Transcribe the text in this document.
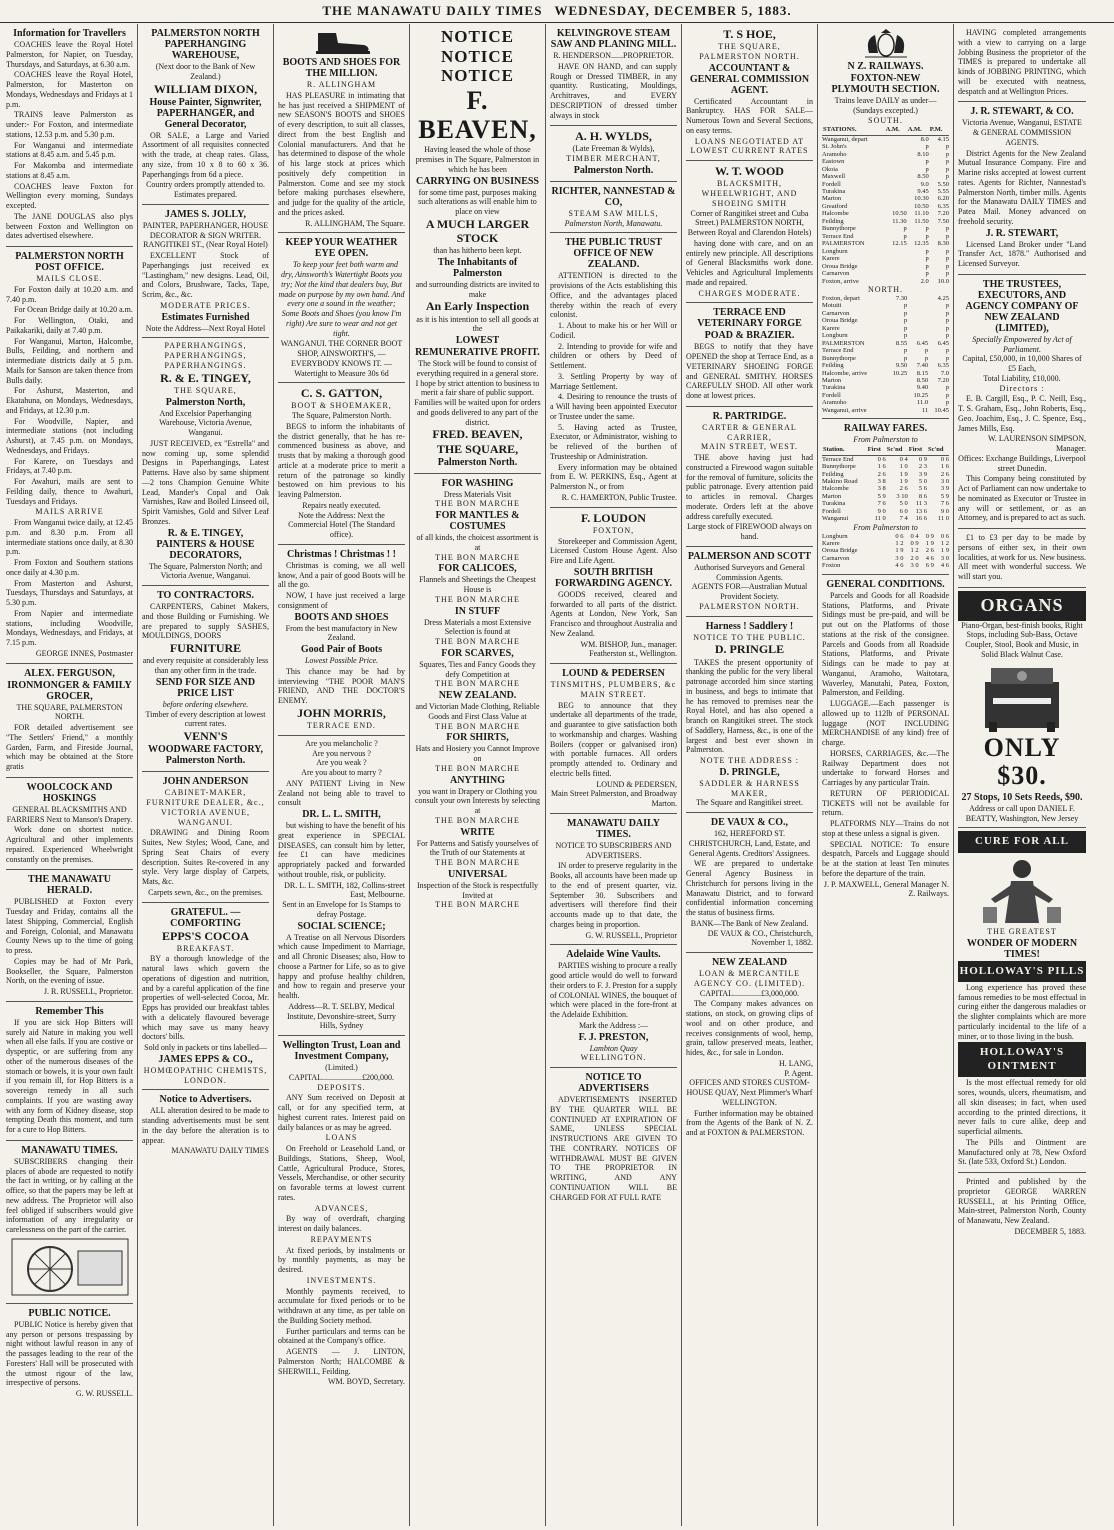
THE MANAWATU DAILY TIMES WEDNESDAY, DECEMBER 5, 1883.
Information for Travellers
COACHES leave the Royal Hotel Palmerston, for Napier, on Tuesday, Thursdays, and Saturdays, at 6.30 a.m.
COACHES leave the Royal Hotel, Palmerston, for Masterton on Mondays, Wednesdays and Fridays at 1 p.m.
TRAINS leave Palmerston as under:- For Foxton, and intermediate stations, 12.53 p.m. and 5.30 p.m.
For Wanganui and intermediate stations at 8.45 a.m. and 5.45 p.m.
For Makomba and intermediate stations at 8.45 a.m.
COACHES leave Foxton for Wellington every morning, Sundays excepted.
The JANE DOUGLAS also plys between Foxton and Wellington on dates advertised elsewhere.
PALMERSTON NORTH POST OFFICE.
MAILS CLOSE.
For Foxton daily at 10.20 a.m. and 7.40 p.m.
For Ocean Bridge daily at 10.20 a.m.
For Wellington, Otaki, and Paikakariki, daily at 7.40 p.m.
For Wanganui, Marton, Halcombe, Bulls, Feilding, and northern and intermediate districts daily at 5 p.m. Mails for Sanson are taken thence from Bulls daily.
For Ashurst, Masterton, and Ekatahuna, on Mondays, Wednesdays, and Fridays, at 12.30 p.m.
For Woodville, Napier, and intermediate stations (not including Ashurst), at 7.45 p.m. on Mondays, Wednesdays, and Fridays.
For Karere, on Tuesdays and Fridays, at 7.40 p.m.
For Awahuri, mails are sent to Feilding daily, thence to Awahuri, Tuesdays and Fridays.
MAILS ARRIVE
From Wanganui twice daily, at 12.45 p.m. and 8.30 p.m. From all intermediate stations once daily, at 8.30 p.m.
From Foxton and Southern stations once daily at 4.30 p.m.
From Masterton and Ashurst, Tuesdays, Thursdays and Saturdays, at 5.30 p.m.
From Napier and intermediate stations, including Woodville, Mondays, Wednesdays, and Fridays, at 7.15 p.m.
GEORGE INNES, Postmaster
ALEX. FERGUSON,
IRONMONGER & FAMILY GROCER,
THE SQUARE, PALMERSTON NORTH.
FOR detailed advertisement see "The Settlers' Friend," a monthly Garden, Farm, and Fireside Journal, which may be obtained at the Store gratis
WOOLCOCK AND HOSKINGS
GENERAL BLACKSMITHS AND FARRIERS Next to Manson's Drapery.
Work done on shortest notice. Agricultural and other implements repaired. Experienced Wheelwright constantly on the premises.
THE MANAWATU HERALD.
PUBLISHED at Foxton every Tuesday and Friday, contains all the latest Shipping, Commercial, English and Foreign, Colonial, and Manawatu County News up to the time of going to press.
Copies may be had of Mr Park, Bookseller, the Square, Palmerston North, on the evening of issue.
J. R. RUSSELL, Proprietor.
Remember This
If you are sick Hop Bitters will surely aid Nature in making you well when all else fails. If you are costive or dyspeptic, or are suffering from any other of the numerous diseases of the stomach or bowels, it is your own fault if you remain ill, for Hop Bitters is a sovereign remedy in all such complaints. If you are wasting away with any form of Kidney disease, stop tempting Death this moment, and turn for a cure to Hop Bitters.
MANAWATU TIMES.
SUBSCRIBERS changing their places of abode are requested to notify the fact in writing, or by calling at the office, so that the papers may be left at new address. The Proprietor will also feel obliged if subscribers would give information of any irregularity or carelessness on the part of the carrier.
PUBLIC NOTICE.
PUBLIC Notice is hereby given that any person or persons trespassing by night without lawful reason in any of the passages leading to the rear of the Foresters' Hall will be prosecuted with the utmost rigour of the law, irrespective of persons.
G. W. RUSSELL.
PALMERSTON NORTH PAPERHANGING WAREHOUSE,
(Next door to the Bank of New Zealand.)
WILLIAM DIXON,
House Painter, Signwriter, PAPERHANGER, and General Decorator,
OR SALE, a Large and Varied Assortment of all requisites connected with the trade, at cheap rates. Glass, any size, from 10 x 8 to 60 x 36. Paperhangings from 6d a piece.
Country orders promptly attended to.
Estimates prepared.
JAMES S. JOLLY,
PAINTER, PAPERHANGER, HOUSE DECORATOR & SIGN WRITER.
RANGITIKEI ST., (Near Royal Hotel)
EXCELLENT Stock of Paperhangings just received ex "Lastingham," new designs. Lead, Oil, and Colors, Brushware, Tacks, Tape, Scrim, &c., &c.
MODERATE PRICES.
Estimates Furnished
Note the Address—Next Royal Hotel
PAPERHANGINGS,
PAPERHANGINGS,
PAPERHANGINGS.
R. & E. TINGEY,
THE SQUARE,
Palmerston North,
And Excelsior Paperhanging Warehouse, Victoria Avenue, Wanganui.
JUST RECEIVED, ex "Estrella" and now coming up, some splendid Designs in Paperhangings, Latest Patterns. Have also by same shipment—2 tons Champion Genuine White Lead, Mander's Copal and Oak Varnishes, Raw and Boiled Linseed oil, Spirit Varnishes, Gold and Silver Leaf Bronzes.
R. & E. TINGEY, PAINTERS & HOUSE DECORATORS,
The Square, Palmerston North; and Victoria Avenue, Wanganui.
TO CONTRACTORS.
CARPENTERS, Cabinet Makers, and those Building or Furnishing. We are prepared to supply SASHES, MOULDINGS, DOORS
FURNITURE
and every requisite at considerably less than any other firm in the trade.
SEND FOR SIZE AND PRICE LIST
before ordering elsewhere.
Timber of every description at lowest current rates.
VENN'S
WOODWARE FACTORY, Palmerston North.
JOHN ANDERSON
CABINET-MAKER, FURNITURE DEALER, &c.,
VICTORIA AVENUE, WANGANUI.
DRAWING and Dining Room Suites, New Styles; Wood, Cane, and Spring Seat Chairs of every description. Suites Re-covered in any style. Very large display of Carpets, Mats, &c.
Carpets sewn, &c., on the premises.
GRATEFUL. — COMFORTING
EPPS'S COCOA
BREAKFAST.
BY a thorough knowledge of the natural laws which govern the operations of digestion and nutrition, and by a careful application of the fine properties of well-selected Cocoa, Mr. Epps has provided our breakfast tables with a delicately flavoured beverage which may save us many heavy doctors' bills.
Sold only in packets or tins labelled—
JAMES EPPS & CO.,
HOMŒOPATHIC CHEMISTS, LONDON.
Notice to Advertisers.
ALL alteration desired to be made to standing advertisements must be sent in the day before the alteration is to appear.
MANAWATU DAILY TIMES
BOOTS AND SHOES FOR THE MILLION.
R. ALLINGHAM
HAS PLEASURE in intimating that he has just received a SHIPMENT of new SEASON'S BOOTS and SHOES of every description, to suit all classes, direct from the best English and Colonial manufacturers. And that he has determined to dispose of the whole of his large stock at prices which positively defy competition in Palmerston. Come and see my stock before making purchases elsewhere, and judge for the quality of the article, and the prices asked.
R. ALLINGHAM, The Square.
KEEP YOUR WEATHER EYE OPEN.
To keep your feet both warm and dry, Ainsworth's Watertight Boots you try; Not the kind that dealers buy, But made on purpose by my own hand. And every one a sound in the weather; Some Boots and Shoes (you know I'm right) Are sure to wear and not get tight.
WANGANUI. THE CORNER BOOT SHOP, AINSWORTH'S, — EVERYBODY KNOWS IT. — Watertight to Measure 30s 6d
C. S. GATTON,
BOOT & SHOEMAKER,
The Square, Palmerston North.
BEGS to inform the inhabitants of the district generally, that he has re-commenced business as above, and trusts that by making a thorough good article at a moderate price to merit a return of the patronage so kindly bestowed on him previous to his leaving Palmerston.
Repairs neatly executed.
Note the Address: Next the Commercial Hotel (The Standard office).
Christmas ! Christmas ! !
Christmas is coming, we all well know, And a pair of good Boots will be all the go.
NOW, I have just received a large consignment of
BOOTS AND SHOES
From the best manufactory in New Zealand.
Good Pair of Boots
Lowest Possible Price.
This chance may be had by interviewing "THE POOR MAN'S FRIEND, AND THE DOCTOR'S ENEMY.
JOHN MORRIS,
TERRACE END.
Are you melancholic ?
Are you nervous ?
Are you weak ?
Are you about to marry ?
ANY PATIENT Living in New Zealand not being able to travel to consult
DR. L. L. SMITH,
but wishing to have the benefit of his great experience in SPECIAL DISEASES, can consult him by letter, fee £1 can have medicines appropriately packed and forwarded without trouble, risk, or publicity.
DR. L. L. SMITH, 182, Collins-street East, Melbourne.
Sent in an Envelope for 1s Stamps to defray Postage.
SOCIAL SCIENCE;
A Treatise on all Nervous Disorders which cause Impediment to Marriage, and all Chronic Diseases; also, How to choose a Partner for Life, so as to give happy and profuse healthy children, and how to regain and preserve your health.
Address—R. T. SELBY, Medical Institute, Devonshire-street, Surry Hills, Sydney
Wellington Trust, Loan and Investment Company,
(Limited.)
CAPITAL....................£200,000.
DEPOSITS.
ANY Sum received on Deposit at call, or for any specified term, at highest current rates. Interest paid on daily balances or as may be agreed.
LOANS
On Freehold or Leasehold Land, or Buildings, Stations, Sheep, Wool, Cattle, Agricultural Produce, Stores, Vessels, Merchandise, or other security on favorable terms at lowest current rates.
ADVANCES,
By way of overdraft, charging interest on daily balances.
REPAYMENTS
At fixed periods, by instalments or by monthly payments, as may be desired.
INVESTMENTS.
Monthly payments received, to accumulate for fixed periods or to be withdrawn at any time, as per table on the Building Society method.
Further particulars and terms can be obtained at the Company's office.
AGENTS — J. LINTON, Palmerston North; HALCOMBE & SHERWILL, Feilding.
WM. BOYD, Secretary.
NOTICE
NOTICE
NOTICE
F. BEAVEN,
Having leased the whole of those premises in The Square, Palmerston in which he has been
CARRYING ON BUSINESS
for some time past, purposes making such alterations as will enable him to place on view
A MUCH LARGER
STOCK
than has hitherto been kept.
The Inhabitants of Palmerston
and surrounding districts are invited to make
An Early Inspection
as it is his intention to sell all goods at the
LOWEST
REMUNERATIVE PROFIT.
The Stock will be found to consist of everything required in a general store.
I hope by strict attention to business to merit a fair share of public support.
Families will be waited upon for orders and goods delivered to any part of the district.
FRED. BEAVEN,
THE SQUARE,
Palmerston North.
FOR WASHING
Dress Materials Visit
THE BON MARCHE
FOR MANTLES & COSTUMES
of all kinds, the choicest assortment is at
THE BON MARCHE
FOR CALICOES,
Flannels and Sheetings the Cheapest House is
THE BON MARCHE
IN STUFF
Dress Materials a most Extensive Selection is found at
THE BON MARCHE
FOR SCARVES,
Squares, Ties and Fancy Goods they defy Competition at
THE BON MARCHE
NEW ZEALAND.
and Victorian Made Clothing, Reliable Goods and First Class Value at
THE BON MARCHE
FOR SHIRTS,
Hats and Hosiery you Cannot Improve on
THE BON MARCHE
ANYTHING
you want in Drapery or Clothing you consult your own Interests by selecting at
THE BON MARCHE
WRITE
For Patterns and Satisfy yourselves of the Truth of our Statements at
THE BON MARCHE
UNIVERSAL
Inspection of the Stock is respectfully Invited at
THE BON MARCHE
KELVINGROVE STEAM SAW AND PLANING MILL.
R. HENDERSON......PROPRIETOR.
HAVE ON HAND, and can supply Rough or Dressed TIMBER, in any quantity. Rusticating, Mouldings, Architraves, and EVERY DESCRIPTION of dressed timber always in stock
A. H. WYLDS,
(Late Freeman & Wylds),
TIMBER MERCHANT,
Palmerston North.
RICHTER, NANNESTAD & CO,
STEAM SAW MILLS,
Palmerston North, Manawatu.
THE PUBLIC TRUST OFFICE OF NEW ZEALAND.
ATTENTION is directed to the provisions of the Acts establishing this Office, and the advantages placed thereby within the reach of every colonist.
1. About to make his or her Will or Codicil.
2. Intending to provide for wife and children or others by Deed of Settlement.
3. Settling Property by way of Marriage Settlement.
4. Desiring to renounce the trusts of a Will having been appointed Executor or Trustee under the same.
5. Having acted as Trustee, Executor, or Administrator, wishing to be relieved of the burthen of Trusteeship or Administration.
Every information may be obtained from E. W. PERKINS, Esq., Agent at Palmerston N., or from
R. C. HAMERTON, Public Trustee.
F. LOUDON
FOXTON,
Storekeeper and Commission Agent, Licensed Custom House Agent. Also Fire and Life Agent.
SOUTH BRITISH FORWARDING AGENCY.
GOODS received, cleared and forwarded to all parts of the district. Agents at London, New York, San Francisco and throughout Australia and New Zealand.
WM. BISHOP, Jun., manager.
Featherston st., Wellington.
LOUND & PEDERSEN
TINSMITHS, PLUMBERS, &c MAIN STREET.
BEG to announce that they undertake all departments of the trade, and guarantee to give satisfaction both to workmanship and charges. Washing Boilers (copper or galvanised iron) with portable furnaces. All orders promptly attended to. Ordinary and electric bells fitted.
LOUND & PEDERSEN,
Main Street Palmerston, and Broadway Marton.
MANAWATU DAILY TIMES.
NOTICE TO SUBSCRIBERS AND ADVERTISERS.
IN order to preserve regularity in the Books, all accounts have been made up to the end of present quarter, viz. September 30. Subscribers and advertisers will therefore find their accounts made up to that date, the charges being in proportion.
G. W. RUSSELL, Proprietor
Adelaide Wine Vaults.
PARTIES wishing to procure a really good article would do well to forward their orders to F. J. Preston for a supply of COLONIAL WINES, the bouquet of which were placed in the fore-front at the Adelaide Exhibition.
Mark the Address :—
F. J. PRESTON,
Lambton Quay
WELLINGTON.
NOTICE TO ADVERTISERS
ADVERTISEMENTS INSERTED BY THE QUARTER WILL BE CONTINUED AT EXPIRATION OF SAME, UNLESS SPECIAL INSTRUCTIONS ARE GIVEN TO THE CONTRARY. NOTICES OF WITHDRAWAL MUST BE GIVEN TO THE PROPRIETOR IN WRITING, AND ANY CONTINUATION WILL BE CHARGED FOR AT FULL RATE
T. S HOE,
THE SQUARE,
PALMERSTON NORTH.
ACCOUNTANT & GENERAL COMMISSION AGENT.
Certificated Accountant in Bankruptcy. HAS FOR SALE—Numerous Town and Several Sections, on easy terms.
LOANS NEGOTIATED AT LOWEST CURRENT RATES
W. T. WOOD
BLACKSMITH, WHEELWRIGHT, AND SHOEING SMITH
Corner of Rangitikei street and Cuba Street.) PALMERSTON NORTH, Between Royal and Clarendon Hotels)
having done with care, and on an entirely new principle. All descriptions of General Blacksmiths work done. Vehicles and Agricultural Implements made and repaired.
CHARGES MODERATE.
TERRACE END VETERINARY FORGE
POAD & BRAZIER.
BEGS to notify that they have OPENED the shop at Terrace End, as a VETERINARY SHOEING FORGE and GENERAL SMITHY. HORSES CAREFULLY SHOD. All other work done at lowest prices.
R. PARTRIDGE.
CARTER & GENERAL CARRIER,
MAIN STREET, WEST.
THE above having just had constructed a Firewood wagon suitable for the removal of furniture, solicits the public patronage. Every attention paid to articles in removal. Charges moderate. Orders left at the above address carefully executed.
Large stock of FIREWOOD always on hand.
PALMERSON AND SCOTT
Authorised Surveyors and General Commission Agents.
AGENTS FOR—Australian Mutual Provident Society.
PALMERSTON NORTH.
Harness ! Saddlery !
NOTICE TO THE PUBLIC.
D. PRINGLE
TAKES the present opportunity of thanking the public for the very liberal patronage accorded him since starting in business, and begs to intimate that he has removed to premises near the Royal Hotel, and has also opened a branch on Rangitikei street. The stock of Saddlery, Harness, &c., is one of the largest and best ever shown in Palmerston.
NOTE THE ADDRESS :
D. PRINGLE,
SADDLER & HARNESS MAKER,
The Square and Rangitikei street.
DE VAUX & CO.,
162, HEREFORD ST. CHRISTCHURCH, Land, Estate, and General Agents. Creditors' Assignees.
WE are prepared to undertake General Agency Business in Christchurch for persons living in the Manawatu District, and to forward confidential information concerning the status of business firms.
BANK—The Bank of New Zealand.
DE VAUX & CO., Christchurch, November 1, 1882.
NEW ZEALAND
LOAN & MERCANTILE AGENCY CO. (LIMITED).
CAPITAL..............£3,000,000.
The Company makes advances on stations, on stock, on growing clips of wool and on other produce, and receives consignments of wool, hemp, grain, tallow preserved meats, leather, hides, &c., for sale in London.
H. LANG,
P. Agent.
OFFICES AND STORES CUSTOM-HOUSE QUAY, Next Plimmer's Wharf WELLINGTON.
Further information may be obtained from the Agents of the Bank of N. Z. and at FOXTON & PALMERSTON.
N Z. RAILWAYS.
FOXTON-NEW PLYMOUTH SECTION.
Trains leave DAILY as under—(Sundays excepted.)
SOUTH.
STATIONS.	A.M.	A.M.	P.M.
Wanganui, depart		8.0	4.15
St. John's		p	p
Aramoho		8.10	p
Eastown		p	p
Okoia		p	p
Maxwell		8.50	p
Fordell		9.0	5.50
Turakina		9.45	5.55
Marton		10.30	6.20
Greatford		10.50	6.35
Halcombe	10.50	11.10	7.20
Feilding	11.30	11.50	7.50
Bunnythorpe	p	p	p
Terrace End	p	p	p
PALMERSTON	12.15	12.35	8.30
Longburn		p	p
Karere		p	p
Oroua Bridge		p	p
Carnarvon		p	p
Foxton, arrive		2.0	10.0
NORTH.
Foxton, depart	7.30		4.25
Motuiti	p		p
Carnarvon	p		p
Oroua Bridge	p		p
Karere	p		p
Longburn	p		p
PALMERSTON	8.55	6.45	6.45
Terrace End	p	p	p
Bunnythorpe	p	p	p
Feilding	9.50	7.40	6.35
Halcombe, arrive	10.25	8.15	7.0
Marton		8.50	7.20
Turakina		9.40	p
Fordell		10.25	p
Aramoho		11.0	p
Wanganui, arrive		11	10.45
RAILWAY FARES.
From Palmerston to
Station.	First	Sc'nd	First	Sc'nd
Terrace End	0 6	0 4	0 9	0 6
Bunnythorpe	1 6	1 0	2 3	1 6
Feilding	2 6	1 9	3 9	2 6
Makino Road	3 8	1 9	5 0	3 0
Halcombe	3 8	2 6	5 6	3 9
Marton	5 9	3 10	8 6	5 9
Turakina	7 6	5 0	11 3	7 6
Fordell	9 0	6 0	13 6	9 0
Wanganui	11 0	7 4	16 6	11 0
From Palmerston to
Longburn	0 6	0 4	0 9	0 6
Karere	1 2	0 9	1 9	1 2
Oroua Bridge	1 9	1 2	2 6	1 9
Carnarvon	3 0	2 0	4 6	3 0
Foxton	4 6	3 0	6 9	4 6
GENERAL CONDITIONS.
Parcels and Goods for all Roadside Stations, Platforms, and Private Sidings must be pre-paid, and will be put out on the Platforms of those stations at the risk of the consignee. Parcels and Goods from all Roadside Stations, Platforms, and Private Sidings can be made to pay at Wanganui, Aramoho, Waitotara, Waverley, Manutahi, Patea, Foxton, Palmerston, and Feilding.
LUGGAGE.—Each passenger is allowed up to 112lb of PERSONAL luggage (NOT INCLUDING MERCHANDISE of any kind) free of charge.
HORSES, CARRIAGES, &c.—The Railway Department does not undertake to forward Horses and Carriages by any particular Train.
RETURN OF PERIODICAL TICKETS will not be available for return.
PLATFORMS NLY—Trains do not stop at these unless a signal is given.
SPECIAL NOTICE: To ensure despatch, Parcels and Luggage should be at the station at least Ten minutes before the departure of the train.
J. P. MAXWELL, General Manager N. Z. Railways.
HAVING completed arrangements with a view to carrying on a large Jobbing Business the proprietor of the TIMES is prepared to undertake all kinds of JOBBING PRINTING, which will be executed with neatness, despatch and at Wellington Prices.
J. R. STEWART, & CO.
Victoria Avenue, Wanganui, ESTATE & GENERAL COMMISSION AGENTS.
District Agents for the New Zealand Mutual Insurance Company. Fire and Marine risks accepted at lowest current rates. Agents for Richter, Nannestad's Palmerston North, timber mills. Agents for the Manawatu DAILY TIMES and Patea Mail. Money advanced on freehold security.
J. R. STEWART,
Licensed Land Broker under "Land Transfer Act, 1878." Authorised and Licensed Surveyor.
THE TRUSTEES, EXECUTORS, AND AGENCY COMPANY OF NEW ZEALAND (LIMITED),
Specially Empowered by Act of Parliament.
Capital, £50,000, in 10,000 Shares of £5 Each,
Total Liability, £10,000.
Directors :
E. B. Cargill, Esq., P. C. Neill, Esq., T. S. Graham, Esq., John Roberts, Esq., Geo. Joachim, Esq., J. C. Spence, Esq., James Mills, Esq.
W. LAURENSON SIMPSON, Manager.
Offices: Exchange Buildings, Liverpool street Dunedin.
This Company being constituted by Act of Parliament can now undertake to be nominated as Executor or Trustee in any will or settlement, or as an Attorney, and is prepared to act as such.
£1 to £3 per day to be made by persons of either sex, in their own localities, at work for us. New business. All meet with wonderful success. We will start you.
ORGANS
Piano-Organ, best-finish books, Right Stops, including Sub-Bass, Octave Coupler, Stool, Book and Music, in Solid Black Walnut Case.
ONLY $30.
27 Stops, 10 Sets Reeds, $90.
Address or call upon DANIEL F. BEATTY, Washington, New Jersey
CURE FOR ALL
THE GREATEST
WONDER OF MODERN TIMES!
HOLLOWAY'S PILLS
Long experience has proved these famous remedies to be most effectual in curing either the dangerous maladies or the slighter complaints which are more particularly incidental to the life of a miner, or to those living in the bush.
HOLLOWAY'S OINTMENT
Is the most effectual remedy for old sores, wounds, ulcers, rheumatism, and all skin diseases; in fact, when used according to the printed directions, it never fails to cure alike, deep and superficial ailments.
The Pills and Ointment are Manufactured only at 78, New Oxford St. (late 533, Oxford St.) London.
Printed and published by the proprietor GEORGE WARREN RUSSELL, at his Printing Office, Main-street, Palmerston North, County of Manawatu, New Zealand.
DECEMBER 5, 1883.
